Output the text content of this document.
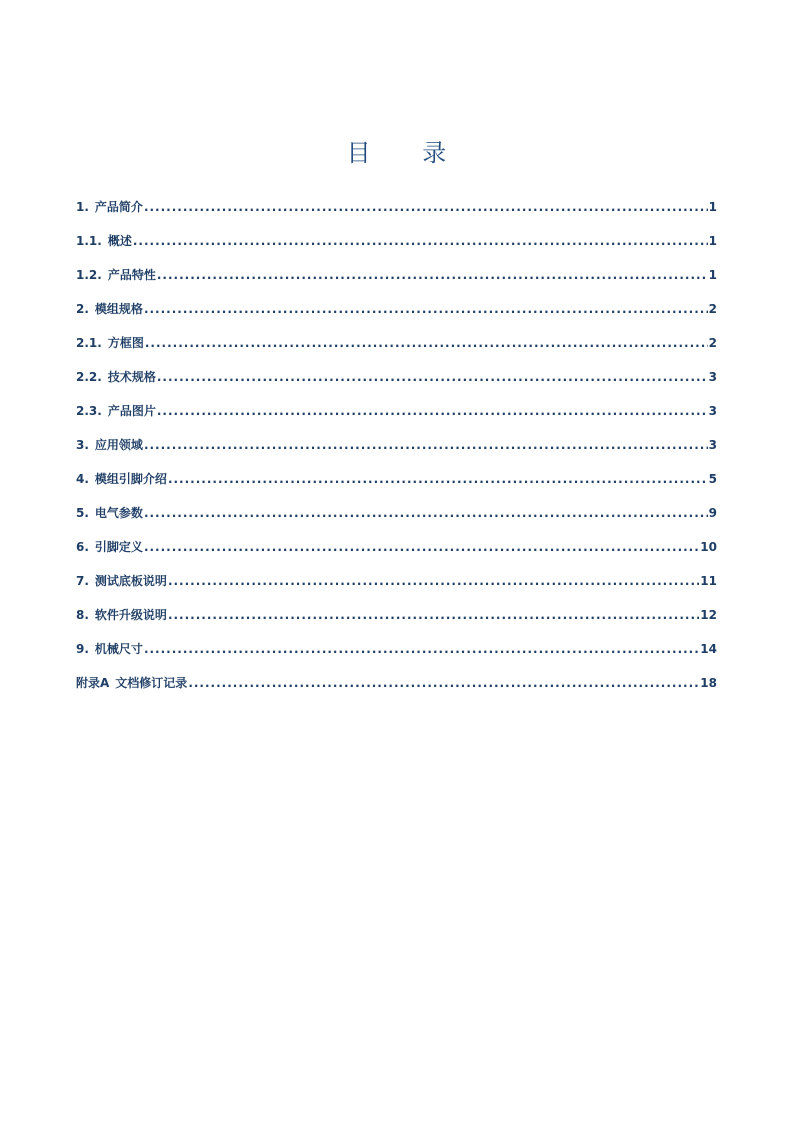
目 录
1. 产品简介 .....	1
1.1. 概述 .....	1
1.2. 产品特性 .....	1
2. 模组规格 .....	2
2.1. 方框图 .....	2
2.2. 技术规格 .....	3
2.3. 产品图片 .....	3
3. 应用领域 .....	3
4. 模组引脚介绍 .....	5
5. 电气参数 .....	9
6. 引脚定义 .....	10
7. 测试底板说明 .....	11
8. 软件升级说明 .....	12
9. 机械尺寸 .....	14
附录A 文档修订记录 .....	18
